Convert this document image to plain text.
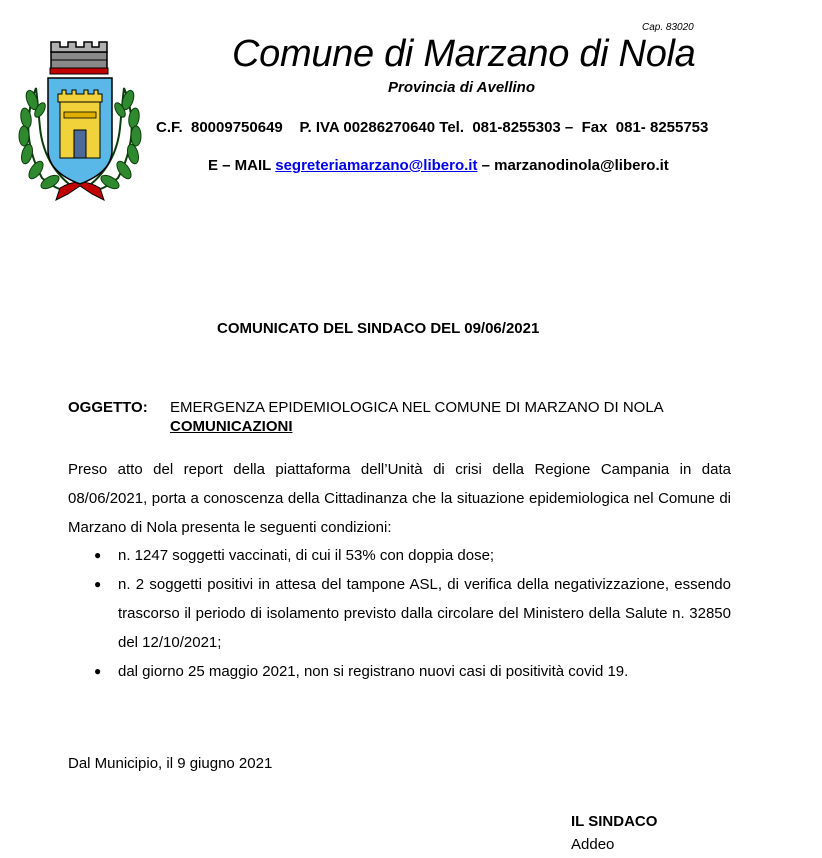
Cap. 83020
Comune di Marzano di Nola
Provincia di Avellino
C.F.  80009750649    P. IVA 00286270640 Tel.  081-8255303 –  Fax  081- 8255753
E – MAIL segreteriamarzano@libero.it – marzanodinola@libero.it
COMUNICATO DEL SINDACO DEL 09/06/2021
OGGETTO: EMERGENZA EPIDEMIOLOGICA NEL COMUNE DI MARZANO DI NOLA
COMUNICAZIONI
Preso atto del report della piattaforma dell’Unità di crisi della Regione Campania in data 08/06/2021, porta a conoscenza della Cittadinanza che la situazione epidemiologica nel Comune di Marzano di Nola presenta le seguenti condizioni:
● n. 1247 soggetti vaccinati, di cui il 53% con doppia dose;
● n. 2 soggetti positivi in attesa del tampone ASL, di verifica della negativizzazione, essendo trascorso il periodo di isolamento previsto dalla circolare del Ministero della Salute n. 32850 del 12/10/2021;
● dal giorno 25 maggio 2021, non si registrano nuovi casi di positività covid 19.
Dal Municipio, il 9 giugno 2021
IL SINDACO
Addeo
